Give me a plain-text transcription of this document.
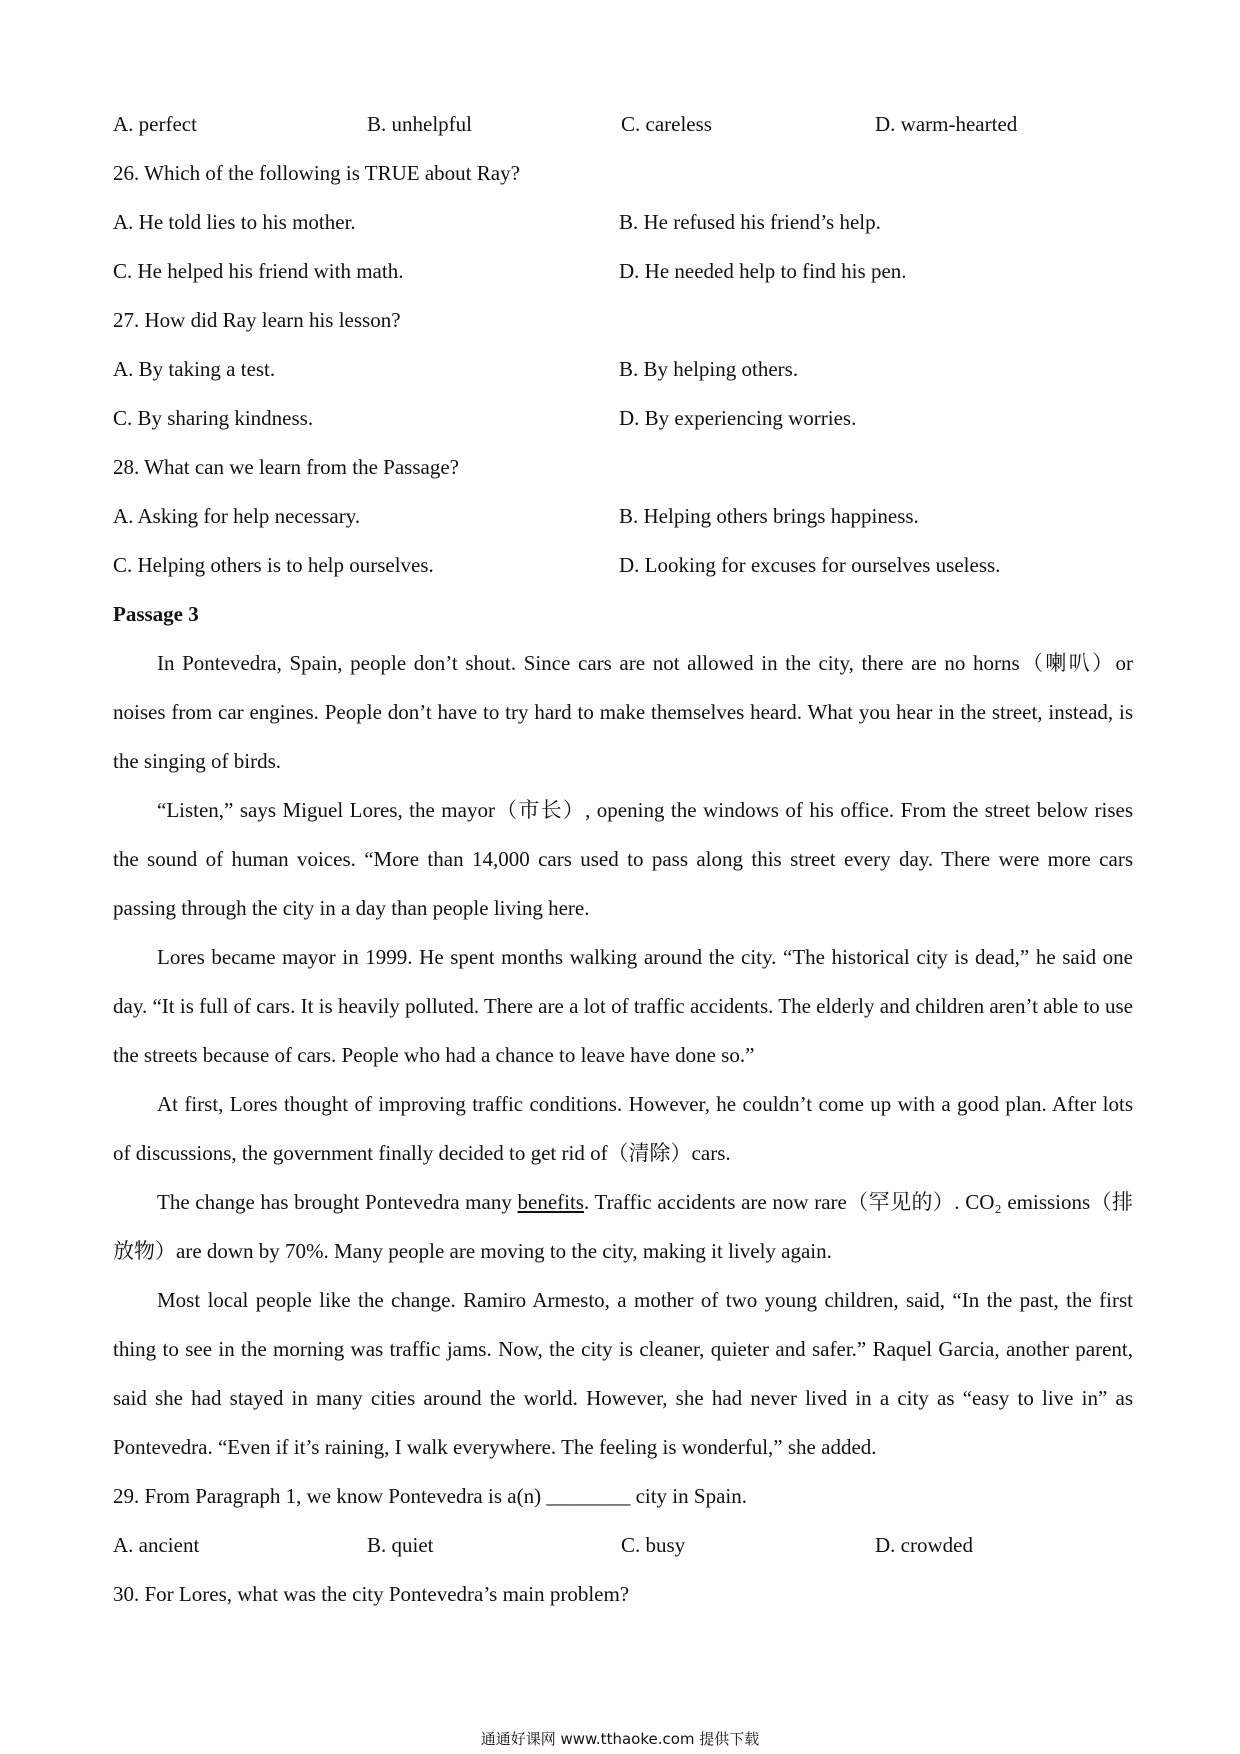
A. perfect	B. unhelpful	C. careless	D. warm-hearted
26. Which of the following is TRUE about Ray?
A. He told lies to his mother.	B. He refused his friend’s help.
C. He helped his friend with math.	D. He needed help to find his pen.
27. How did Ray learn his lesson?
A. By taking a test.	B. By helping others.
C. By sharing kindness.	D. By experiencing worries.
28. What can we learn from the Passage?
A. Asking for help necessary.	B. Helping others brings happiness.
C. Helping others is to help ourselves.	D. Looking for excuses for ourselves useless.
Passage 3

In Pontevedra, Spain, people don’t shout. Since cars are not allowed in the city, there are no horns（喇叭）or noises from car engines. People don’t have to try hard to make themselves heard. What you hear in the street, instead, is the singing of birds.

“Listen,” says Miguel Lores, the mayor（市长）, opening the windows of his office. From the street below rises the sound of human voices. “More than 14,000 cars used to pass along this street every day. There were more cars passing through the city in a day than people living here.

Lores became mayor in 1999. He spent months walking around the city. “The historical city is dead,” he said one day. “It is full of cars. It is heavily polluted. There are a lot of traffic accidents. The elderly and children aren’t able to use the streets because of cars. People who had a chance to leave have done so.”

At first, Lores thought of improving traffic conditions. However, he couldn’t come up with a good plan. After lots of discussions, the government finally decided to get rid of（清除）cars.

The change has brought Pontevedra many benefits. Traffic accidents are now rare（罕见的）. CO₂ emissions（排放物）are down by 70%. Many people are moving to the city, making it lively again.

Most local people like the change. Ramiro Armesto, a mother of two young children, said, “In the past, the first thing to see in the morning was traffic jams. Now, the city is cleaner, quieter and safer.” Raquel Garcia, another parent, said she had stayed in many cities around the world. However, she had never lived in a city as “easy to live in” as Pontevedra. “Even if it’s raining, I walk everywhere. The feeling is wonderful,” she added.

29. From Paragraph 1, we know Pontevedra is a(n) ________ city in Spain.
A. ancient	B. quiet	C. busy	D. crowded
30. For Lores, what was the city Pontevedra’s main problem?
通通好课网 www.tthaoke.com 提供下载
